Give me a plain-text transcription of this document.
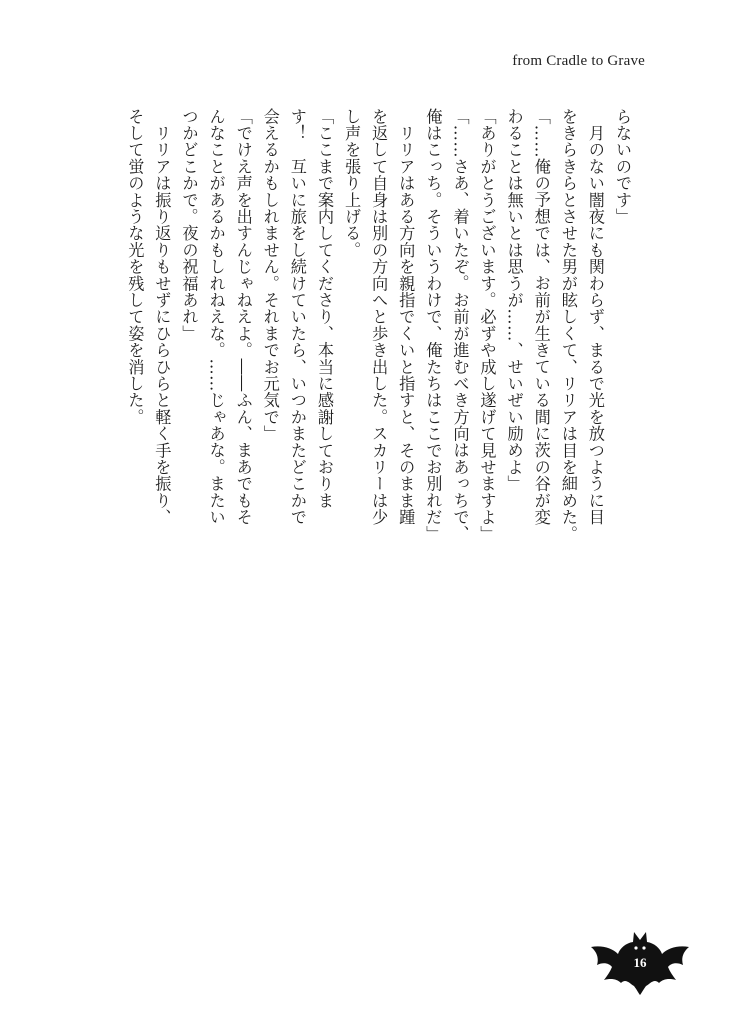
from Cradle to Grave
らないのです」
　月のない闇夜にも関わらず、まるで光を放つように目
をきらきらとさせた男が眩しくて、リリアは目を細めた。
「……俺の予想では、お前が生きている間に茨の谷が変
わることは無いとは思うが……、せいぜい励めよ」
「ありがとうございます。必ずや成し遂げて見せますよ」
「……さあ、着いたぞ。お前が進むべき方向はあっちで、
俺はこっち。そういうわけで、俺たちはここでお別れだ」
　リリアはある方向を親指でくいと指すと、そのまま踵
を返して自身は別の方向へと歩き出した。スカリーは少
し声を張り上げる。
「ここまで案内してくださり、本当に感謝しておりま
す！　互いに旅をし続けていたら、いつかまたどこかで
会えるかもしれません。それまでお元気で」
「でけえ声を出すんじゃねえよ。――ふん、まあでもそ
んなことがあるかもしれねえな。……じゃあな。またい
つかどこかで。夜の祝福あれ」
　リリアは振り返りもせずにひらひらと軽く手を振り、
そして蛍のような光を残して姿を消した。
16
